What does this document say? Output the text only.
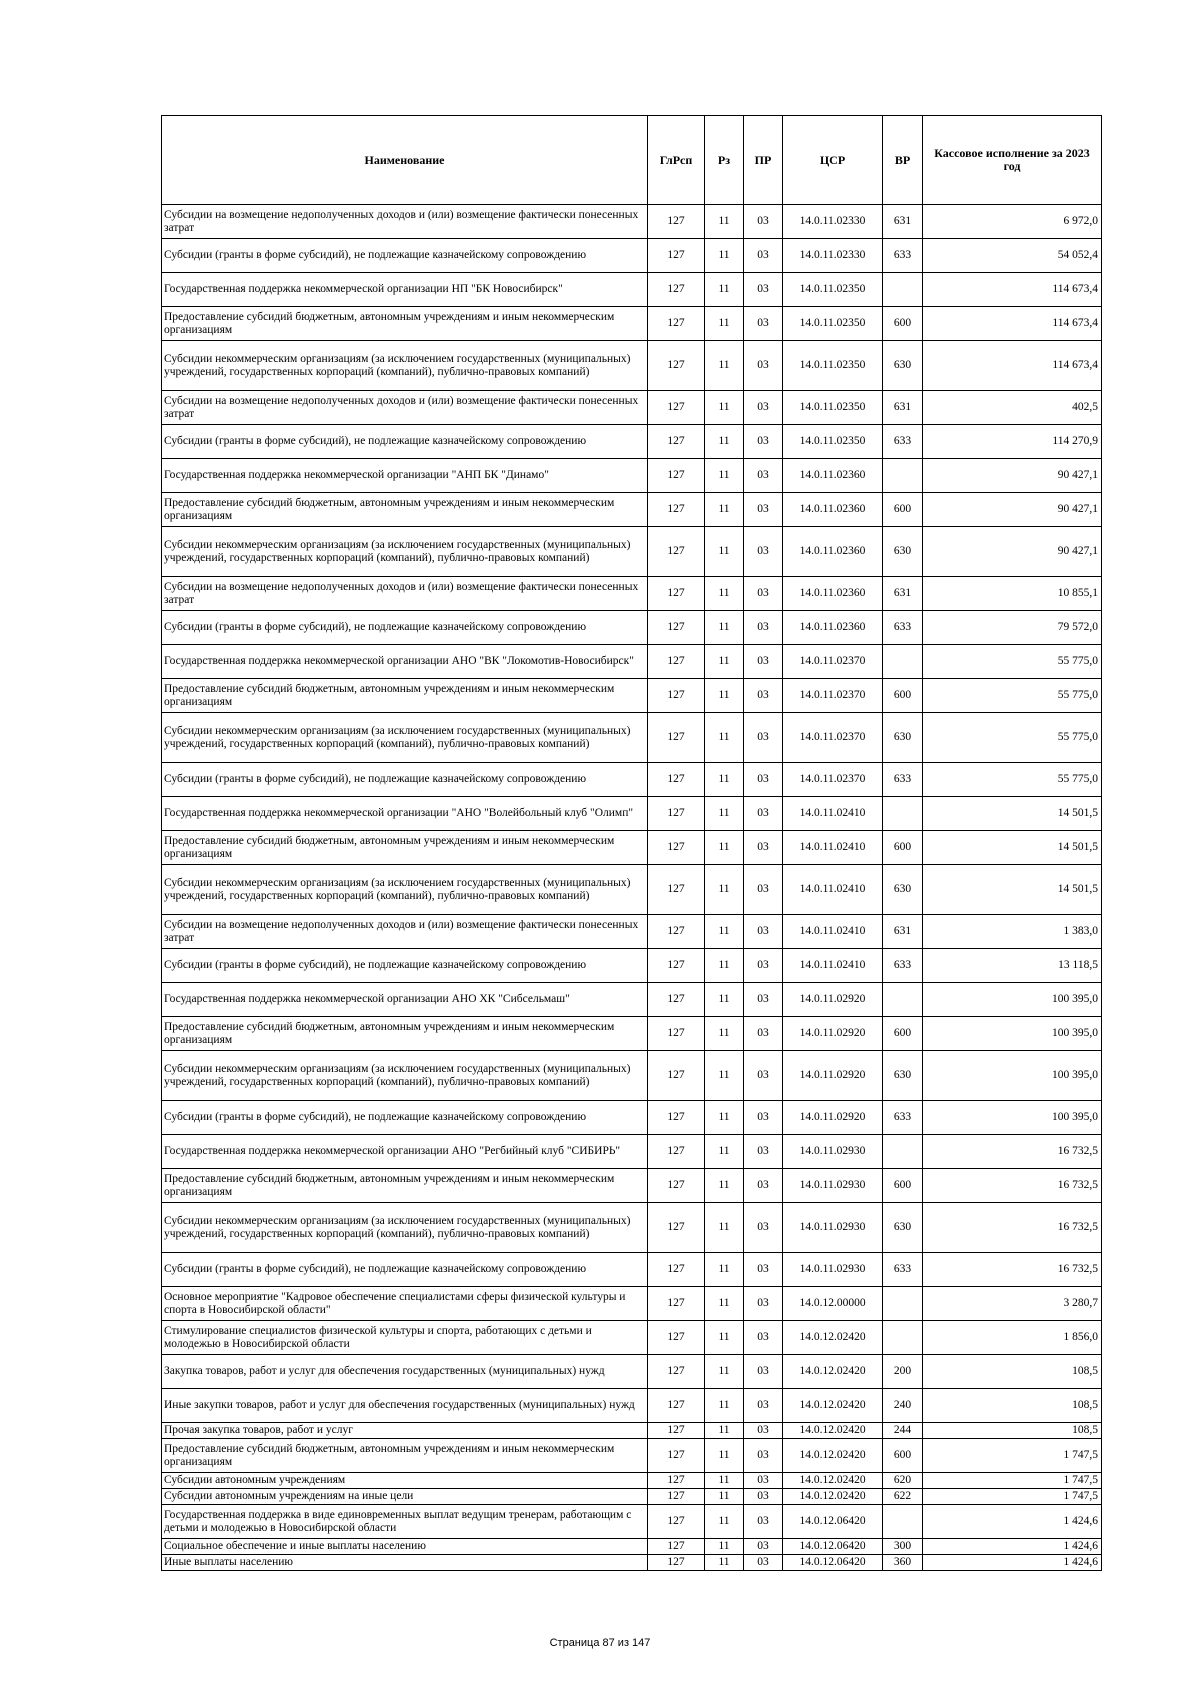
Наименование	ГлРсп	Рз	ПР	ЦСР	ВР	Кассовое исполнение за 2023 год
Субсидии на возмещение недополученных доходов и (или) возмещение фактически понесенных затрат	127	11	03	14.0.11.02330	631	6 972,0
Субсидии (гранты в форме субсидий), не подлежащие казначейскому сопровождению	127	11	03	14.0.11.02330	633	54 052,4
Государственная поддержка некоммерческой организации НП "БК Новосибирск"	127	11	03	14.0.11.02350		114 673,4
Предоставление субсидий бюджетным, автономным учреждениям и иным некоммерческим организациям	127	11	03	14.0.11.02350	600	114 673,4
Субсидии некоммерческим организациям (за исключением государственных (муниципальных) учреждений, государственных корпораций (компаний), публично-правовых компаний)	127	11	03	14.0.11.02350	630	114 673,4
Субсидии на возмещение недополученных доходов и (или) возмещение фактически понесенных затрат	127	11	03	14.0.11.02350	631	402,5
Субсидии (гранты в форме субсидий), не подлежащие казначейскому сопровождению	127	11	03	14.0.11.02350	633	114 270,9
Государственная поддержка некоммерческой организации "АНП БК "Динамо"	127	11	03	14.0.11.02360		90 427,1
Предоставление субсидий бюджетным, автономным учреждениям и иным некоммерческим организациям	127	11	03	14.0.11.02360	600	90 427,1
Субсидии некоммерческим организациям (за исключением государственных (муниципальных) учреждений, государственных корпораций (компаний), публично-правовых компаний)	127	11	03	14.0.11.02360	630	90 427,1
Субсидии на возмещение недополученных доходов и (или) возмещение фактически понесенных затрат	127	11	03	14.0.11.02360	631	10 855,1
Субсидии (гранты в форме субсидий), не подлежащие казначейскому сопровождению	127	11	03	14.0.11.02360	633	79 572,0
Государственная поддержка некоммерческой организации АНО "ВК "Локомотив-Новосибирск"	127	11	03	14.0.11.02370		55 775,0
Предоставление субсидий бюджетным, автономным учреждениям и иным некоммерческим организациям	127	11	03	14.0.11.02370	600	55 775,0
Субсидии некоммерческим организациям (за исключением государственных (муниципальных) учреждений, государственных корпораций (компаний), публично-правовых компаний)	127	11	03	14.0.11.02370	630	55 775,0
Субсидии (гранты в форме субсидий), не подлежащие казначейскому сопровождению	127	11	03	14.0.11.02370	633	55 775,0
Государственная поддержка некоммерческой организации "АНО "Волейбольный клуб "Олимп"	127	11	03	14.0.11.02410		14 501,5
Предоставление субсидий бюджетным, автономным учреждениям и иным некоммерческим организациям	127	11	03	14.0.11.02410	600	14 501,5
Субсидии некоммерческим организациям (за исключением государственных (муниципальных) учреждений, государственных корпораций (компаний), публично-правовых компаний)	127	11	03	14.0.11.02410	630	14 501,5
Субсидии на возмещение недополученных доходов и (или) возмещение фактически понесенных затрат	127	11	03	14.0.11.02410	631	1 383,0
Субсидии (гранты в форме субсидий), не подлежащие казначейскому сопровождению	127	11	03	14.0.11.02410	633	13 118,5
Государственная поддержка некоммерческой организации АНО ХК "Сибсельмаш"	127	11	03	14.0.11.02920		100 395,0
Предоставление субсидий бюджетным, автономным учреждениям и иным некоммерческим организациям	127	11	03	14.0.11.02920	600	100 395,0
Субсидии некоммерческим организациям (за исключением государственных (муниципальных) учреждений, государственных корпораций (компаний), публично-правовых компаний)	127	11	03	14.0.11.02920	630	100 395,0
Субсидии (гранты в форме субсидий), не подлежащие казначейскому сопровождению	127	11	03	14.0.11.02920	633	100 395,0
Государственная поддержка некоммерческой организации АНО "Регбийный клуб "СИБИРЬ"	127	11	03	14.0.11.02930		16 732,5
Предоставление субсидий бюджетным, автономным учреждениям и иным некоммерческим организациям	127	11	03	14.0.11.02930	600	16 732,5
Субсидии некоммерческим организациям (за исключением государственных (муниципальных) учреждений, государственных корпораций (компаний), публично-правовых компаний)	127	11	03	14.0.11.02930	630	16 732,5
Субсидии (гранты в форме субсидий), не подлежащие казначейскому сопровождению	127	11	03	14.0.11.02930	633	16 732,5
Основное мероприятие "Кадровое обеспечение специалистами сферы физической культуры и спорта в Новосибирской области"	127	11	03	14.0.12.00000		3 280,7
Стимулирование специалистов физической культуры и спорта, работающих с детьми и молодежью в Новосибирской области	127	11	03	14.0.12.02420		1 856,0
Закупка товаров, работ и услуг для обеспечения государственных (муниципальных) нужд	127	11	03	14.0.12.02420	200	108,5
Иные закупки товаров, работ и услуг для обеспечения государственных (муниципальных) нужд	127	11	03	14.0.12.02420	240	108,5
Прочая закупка товаров, работ и услуг	127	11	03	14.0.12.02420	244	108,5
Предоставление субсидий бюджетным, автономным учреждениям и иным некоммерческим организациям	127	11	03	14.0.12.02420	600	1 747,5
Субсидии автономным учреждениям	127	11	03	14.0.12.02420	620	1 747,5
Субсидии автономным учреждениям на иные цели	127	11	03	14.0.12.02420	622	1 747,5
Государственная поддержка в виде единовременных выплат ведущим тренерам, работающим с детьми и молодежью в Новосибирской области	127	11	03	14.0.12.06420		1 424,6
Социальное обеспечение и иные выплаты населению	127	11	03	14.0.12.06420	300	1 424,6
Иные выплаты населению	127	11	03	14.0.12.06420	360	1 424,6
Страница 87 из 147
